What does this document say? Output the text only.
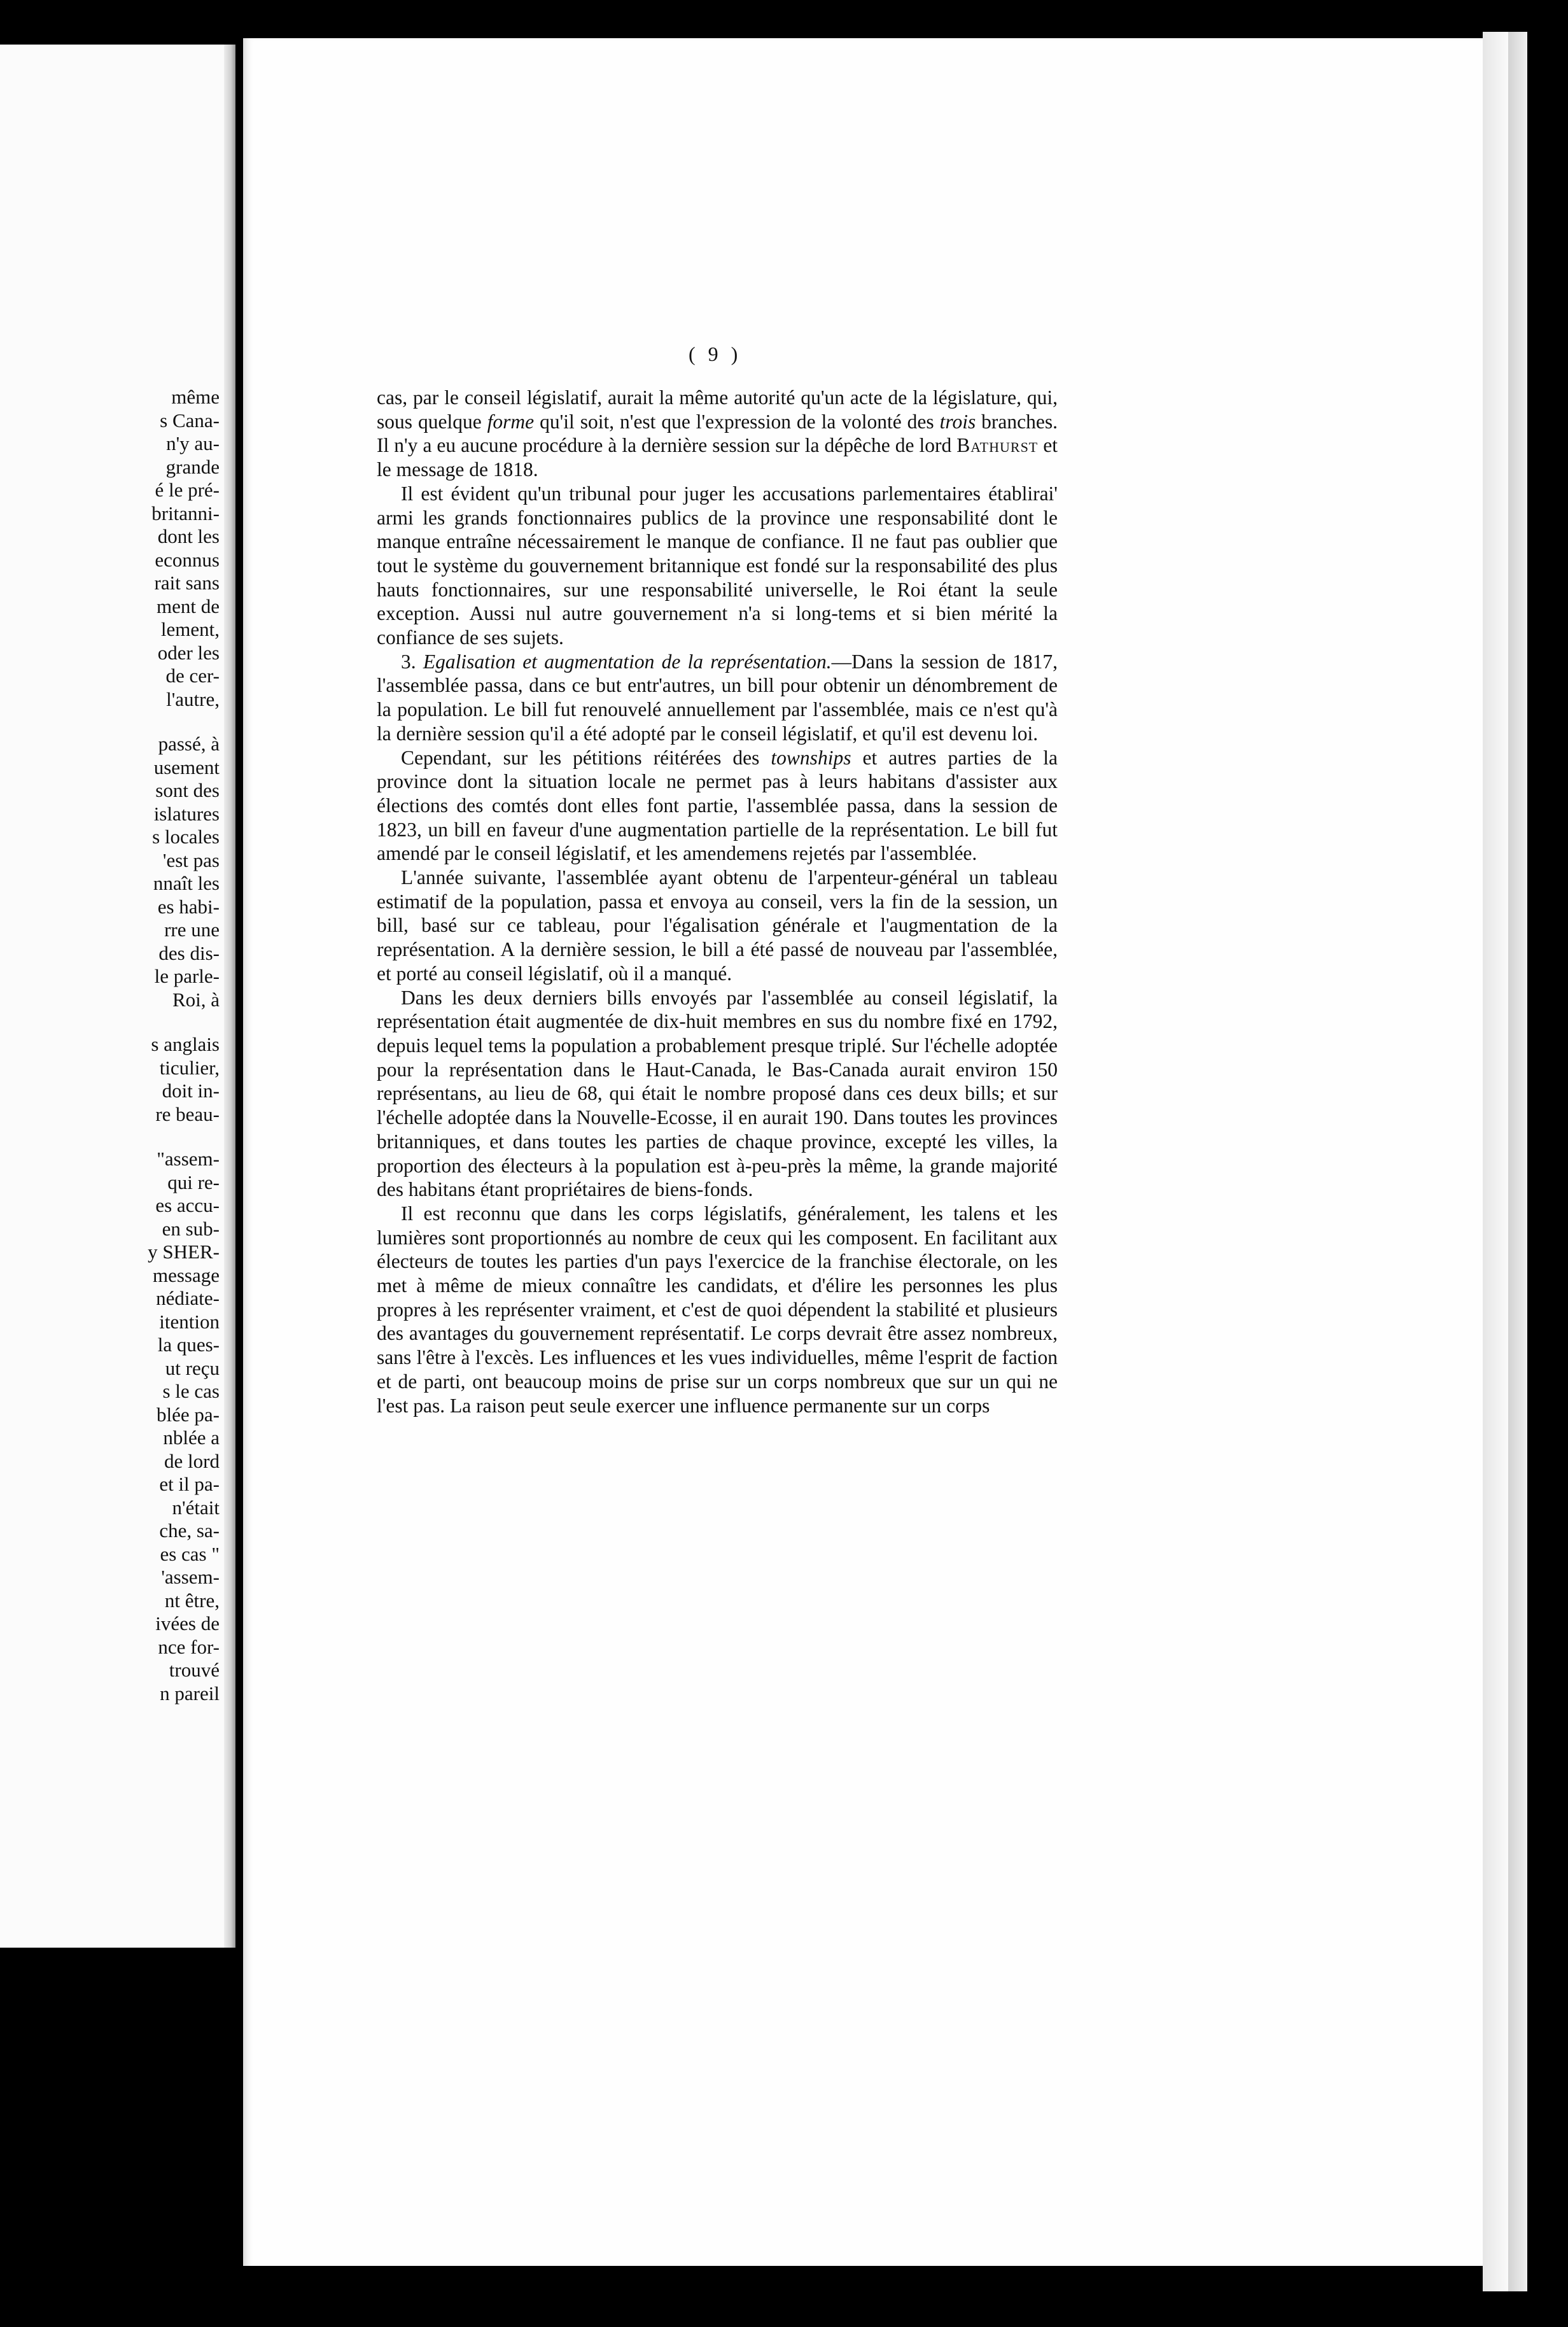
même
s Cana-
n'y au-
grande
é le pré-
britanni-
dont les
econnus
rait sans
ment de
lement,
oder les
de cer-
l'autre,
passé, à
usement
sont des
islatures
s locales
'est pas
nnaît les
es habi-
rre une
des dis-
le parle-
Roi, à
s anglais
ticulier,
doit in-
re beau-
"assem-
qui re-
es accu-
en sub-
y SHER-
message
nédiate-
itention
la ques-
ut reçu
s le cas
blée pa-
nblée a
de lord
et il pa-
n'était
che, sa-
es cas "
'assem-
nt être,
ivées de
nce for-
trouvé
n pareil
( 9 )

cas, par le conseil législatif, aurait la même autorité qu'un acte de la législature, qui, sous quelque forme qu'il soit, n'est que l'expression de la volonté des trois branches. Il n'y a eu aucune procédure à la dernière session sur la dépêche de lord Bathurst et le message de 1818.

Il est évident qu'un tribunal pour juger les accusations parlementaires établirai' armi les grands fonctionnaires publics de la province une responsabilité dont le manque entraîne nécessairement le manque de confiance. Il ne faut pas oublier que tout le système du gouvernement britannique est fondé sur la responsabilité des plus hauts fonctionnaires, sur une responsabilité universelle, le Roi étant la seule exception. Aussi nul autre gouvernement n'a si long-tems et si bien mérité la confiance de ses sujets.

3. Egalisation et augmentation de la représentation.—Dans la session de 1817, l'assemblée passa, dans ce but entr'autres, un bill pour obtenir un dénombrement de la population. Le bill fut renouvelé annuellement par l'assemblée, mais ce n'est qu'à la dernière session qu'il a été adopté par le conseil législatif, et qu'il est devenu loi.

Cependant, sur les pétitions réitérées des townships et autres parties de la province dont la situation locale ne permet pas à leurs habitans d'assister aux élections des comtés dont elles font partie, l'assemblée passa, dans la session de 1823, un bill en faveur d'une augmentation partielle de la représentation. Le bill fut amendé par le conseil législatif, et les amendemens rejetés par l'assemblée.

L'année suivante, l'assemblée ayant obtenu de l'arpenteur-général un tableau estimatif de la population, passa et envoya au conseil, vers la fin de la session, un bill, basé sur ce tableau, pour l'égalisation générale et l'augmentation de la représentation. A la dernière session, le bill a été passé de nouveau par l'assemblée, et porté au conseil législatif, où il a manqué.

Dans les deux derniers bills envoyés par l'assemblée au conseil législatif, la représentation était augmentée de dix-huit membres en sus du nombre fixé en 1792, depuis lequel tems la population a probablement presque triplé. Sur l'échelle adoptée pour la représentation dans le Haut-Canada, le Bas-Canada aurait environ 150 représentans, au lieu de 68, qui était le nombre proposé dans ces deux bills; et sur l'échelle adoptée dans la Nouvelle-Ecosse, il en aurait 190. Dans toutes les provinces britanniques, et dans toutes les parties de chaque province, excepté les villes, la proportion des électeurs à la population est à-peu-près la même, la grande majorité des habitans étant propriétaires de biens-fonds.

Il est reconnu que dans les corps législatifs, généralement, les talens et les lumières sont proportionnés au nombre de ceux qui les composent. En facilitant aux électeurs de toutes les parties d'un pays l'exercice de la franchise électorale, on les met à même de mieux connaître les candidats, et d'élire les personnes les plus propres à les représenter vraiment, et c'est de quoi dépendent la stabilité et plusieurs des avantages du gouvernement représentatif. Le corps devrait être assez nombreux, sans l'être à l'excès. Les influences et les vues individuelles, même l'esprit de faction et de parti, ont beaucoup moins de prise sur un corps nombreux que sur un qui ne l'est pas. La raison peut seule exercer une influence permanente sur un corps
